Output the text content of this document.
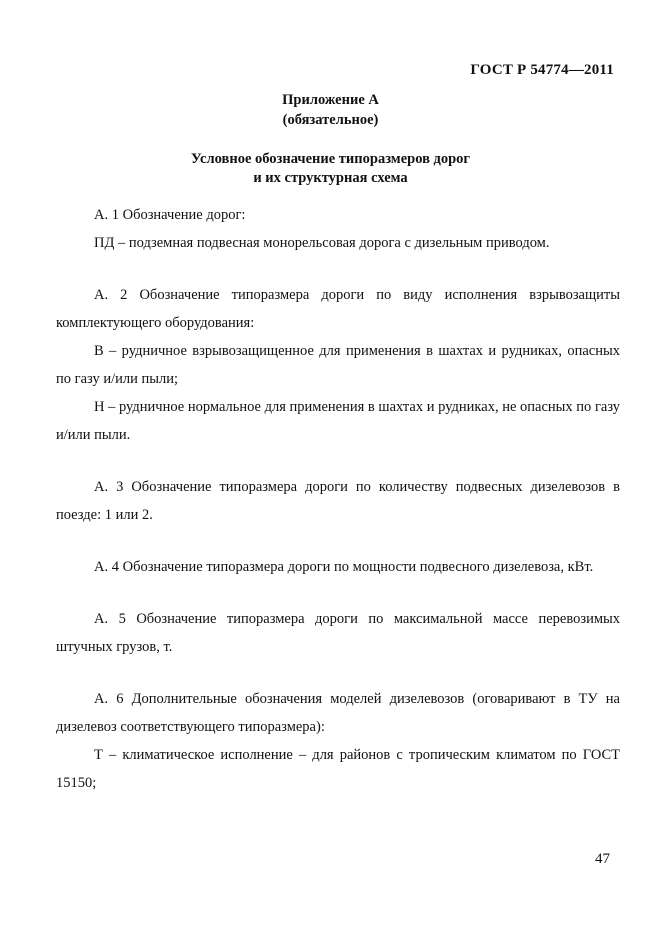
ГОСТ Р 54774—2011
Приложение А
(обязательное)
Условное обозначение типоразмеров дорог
и их структурная схема

А. 1 Обозначение дорог:

ПД – подземная подвесная монорельсовая дорога с дизельным приводом.

А. 2 Обозначение типоразмера дороги по виду исполнения взрывозащиты комплектующего оборудования:

В – рудничное взрывозащищенное для применения в шахтах и рудниках, опасных по газу и/или пыли;

Н – рудничное нормальное для применения в шахтах и рудниках, не опасных по газу и/или пыли.

А. 3 Обозначение типоразмера дороги по количеству подвесных дизелевозов в поезде: 1 или 2.

А. 4 Обозначение типоразмера дороги по мощности подвесного дизелевоза, кВт.

А. 5 Обозначение типоразмера дороги по максимальной массе перевозимых штучных грузов, т.

А. 6 Дополнительные обозначения моделей дизелевозов (оговаривают в ТУ на дизелевоз соответствующего типоразмера):

Т – климатическое исполнение – для районов с тропическим климатом по ГОСТ 15150;

47
